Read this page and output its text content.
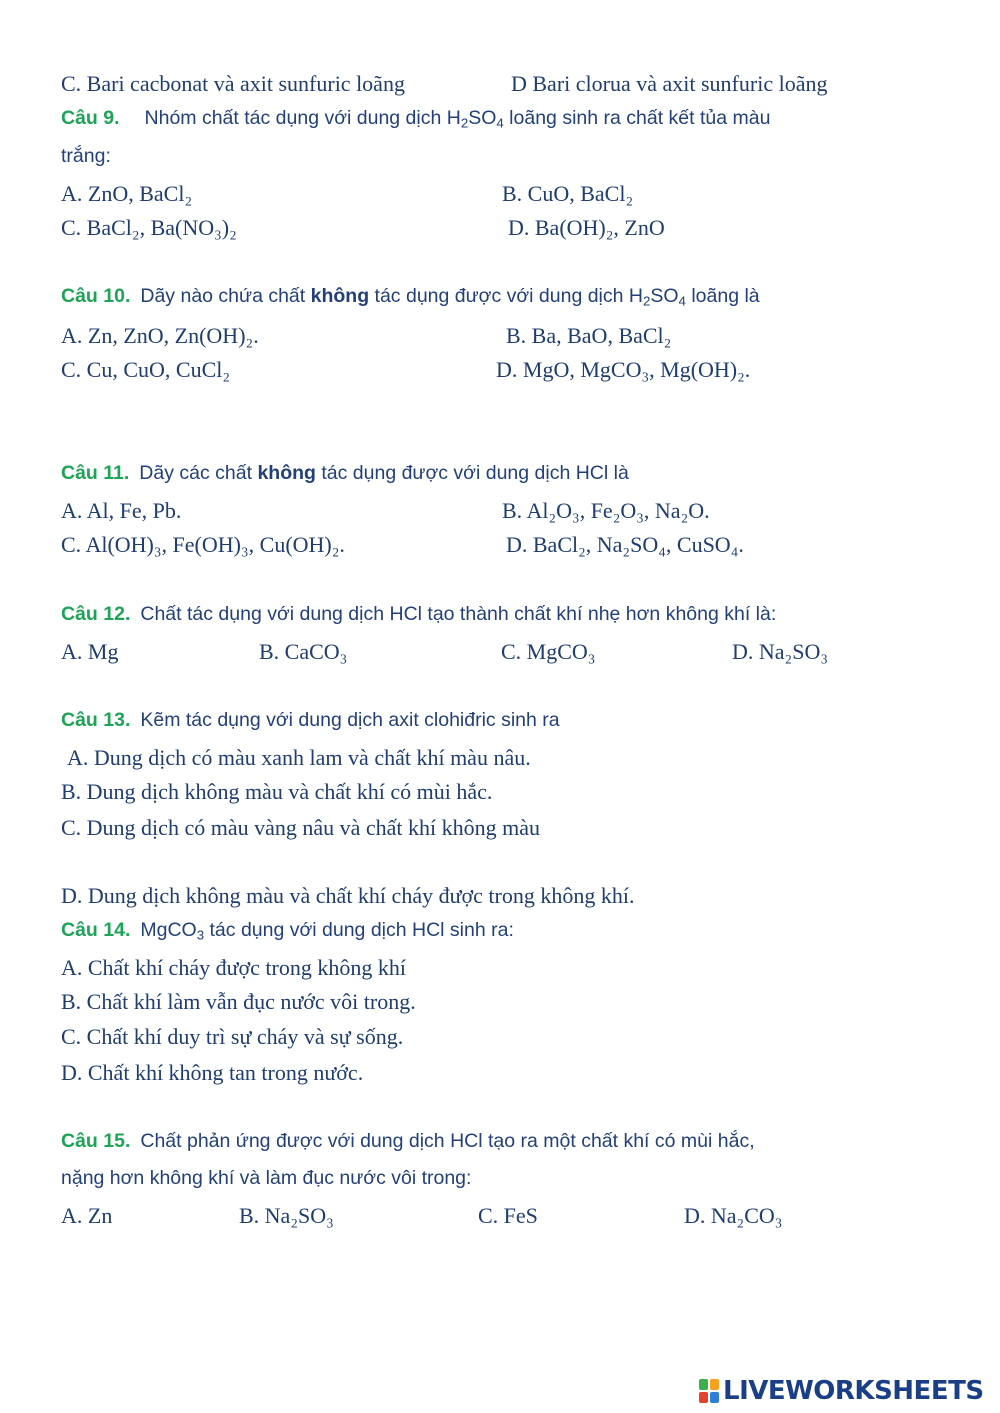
C. Bari cacbonat và axit sunfuric loãng	D Bari clorua và axit sunfuric loãng
Câu 9. Nhóm chất tác dụng với dung dịch $H_2SO_4$ loãng sinh ra chất kết tủa màu
trắng:
A. ZnO, BaCl₂	B. CuO, BaCl₂
C. BaCl₂, Ba(NO₃)₂	D. Ba(OH)₂, ZnO
Câu 10. Dãy nào chứa chất không tác dụng được với dung dịch $H_2SO_4$ loãng là
A. Zn, ZnO, Zn(OH)₂.	B. Ba, BaO, BaCl₂
C. Cu, CuO, CuCl₂	D. MgO, MgCO₃, Mg(OH)₂.
Câu 11. Dãy các chất không tác dụng được với dung dịch HCl là
A. Al, Fe, Pb.	B. Al₂O₃, Fe₂O₃, Na₂O.
C. Al(OH)₃, Fe(OH)₃, Cu(OH)₂.	D. BaCl₂, Na₂SO₄, CuSO₄.
Câu 12. Chất tác dụng với dung dịch HCl tạo thành chất khí nhẹ hơn không khí là:
A. Mg	B. CaCO₃	C. MgCO₃	D. Na₂SO₃
Câu 13. Kẽm tác dụng với dung dịch axit clohiđric sinh ra
A. Dung dịch có màu xanh lam và chất khí màu nâu.
B. Dung dịch không màu và chất khí có mùi hắc.
C. Dung dịch có màu vàng nâu và chất khí không màu
D. Dung dịch không màu và chất khí cháy được trong không khí.
Câu 14. MgCO$_3$ tác dụng với dung dịch HCl sinh ra:
A. Chất khí cháy được trong không khí
B. Chất khí làm vẫn đục nước vôi trong.
C. Chất khí duy trì sự cháy và sự sống.
D. Chất khí không tan trong nước.
Câu 15. Chất phản ứng được với dung dịch HCl tạo ra một chất khí có mùi hắc,
nặng hơn không khí và làm đục nước vôi trong:
A. Zn	B. Na₂SO₃	C. FeS	D. Na₂CO₃
LIVEWORKSHEETS
